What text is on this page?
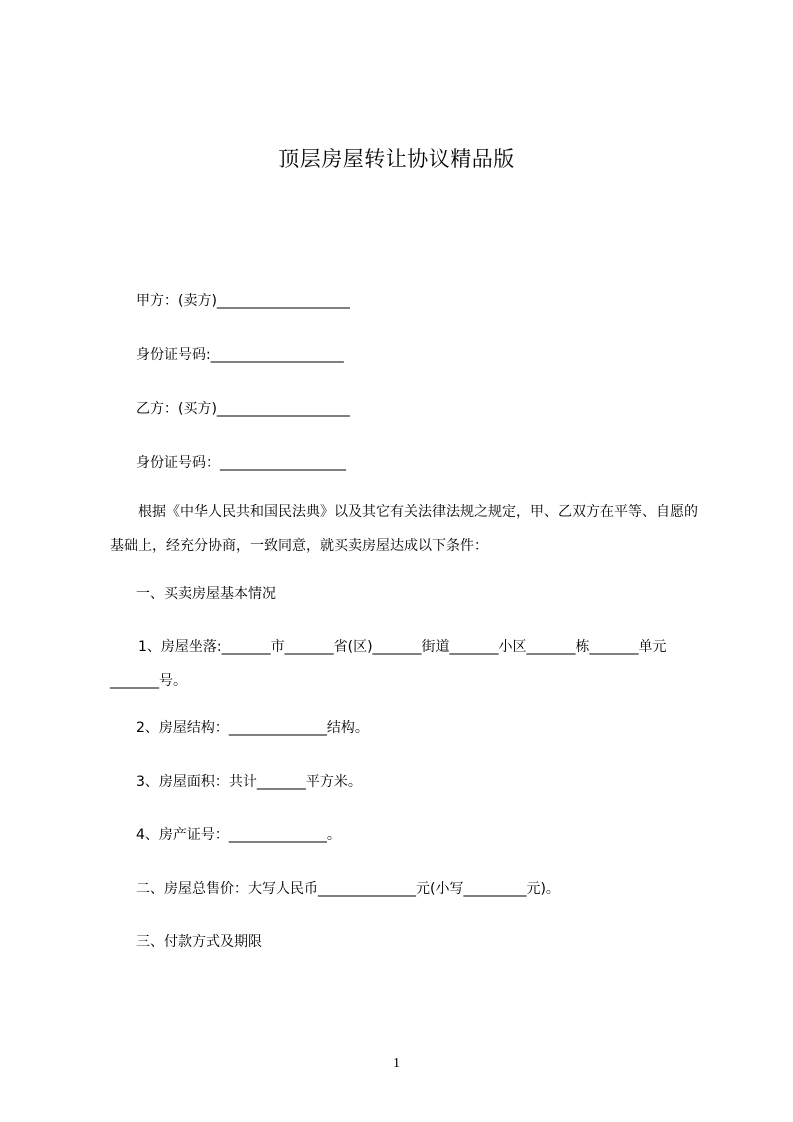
顶层房屋转让协议精品版
甲方：(卖方)___________________
身份证号码:___________________
乙方：(买方)___________________
身份证号码：__________________
根据《中华人民共和国民法典》以及其它有关法律法规之规定，甲、乙双方在平等、自愿的基础上，经充分协商，一致同意，就买卖房屋达成以下条件：
一、买卖房屋基本情况
1、房屋坐落:_______市_______省(区)_______街道_______小区_______栋_______单元_______号。
2、房屋结构：______________结构。
3、房屋面积：共计_______平方米。
4、房产证号：______________。
二、房屋总售价：大写人民币______________元(小写_________元)。
三、付款方式及期限
1
